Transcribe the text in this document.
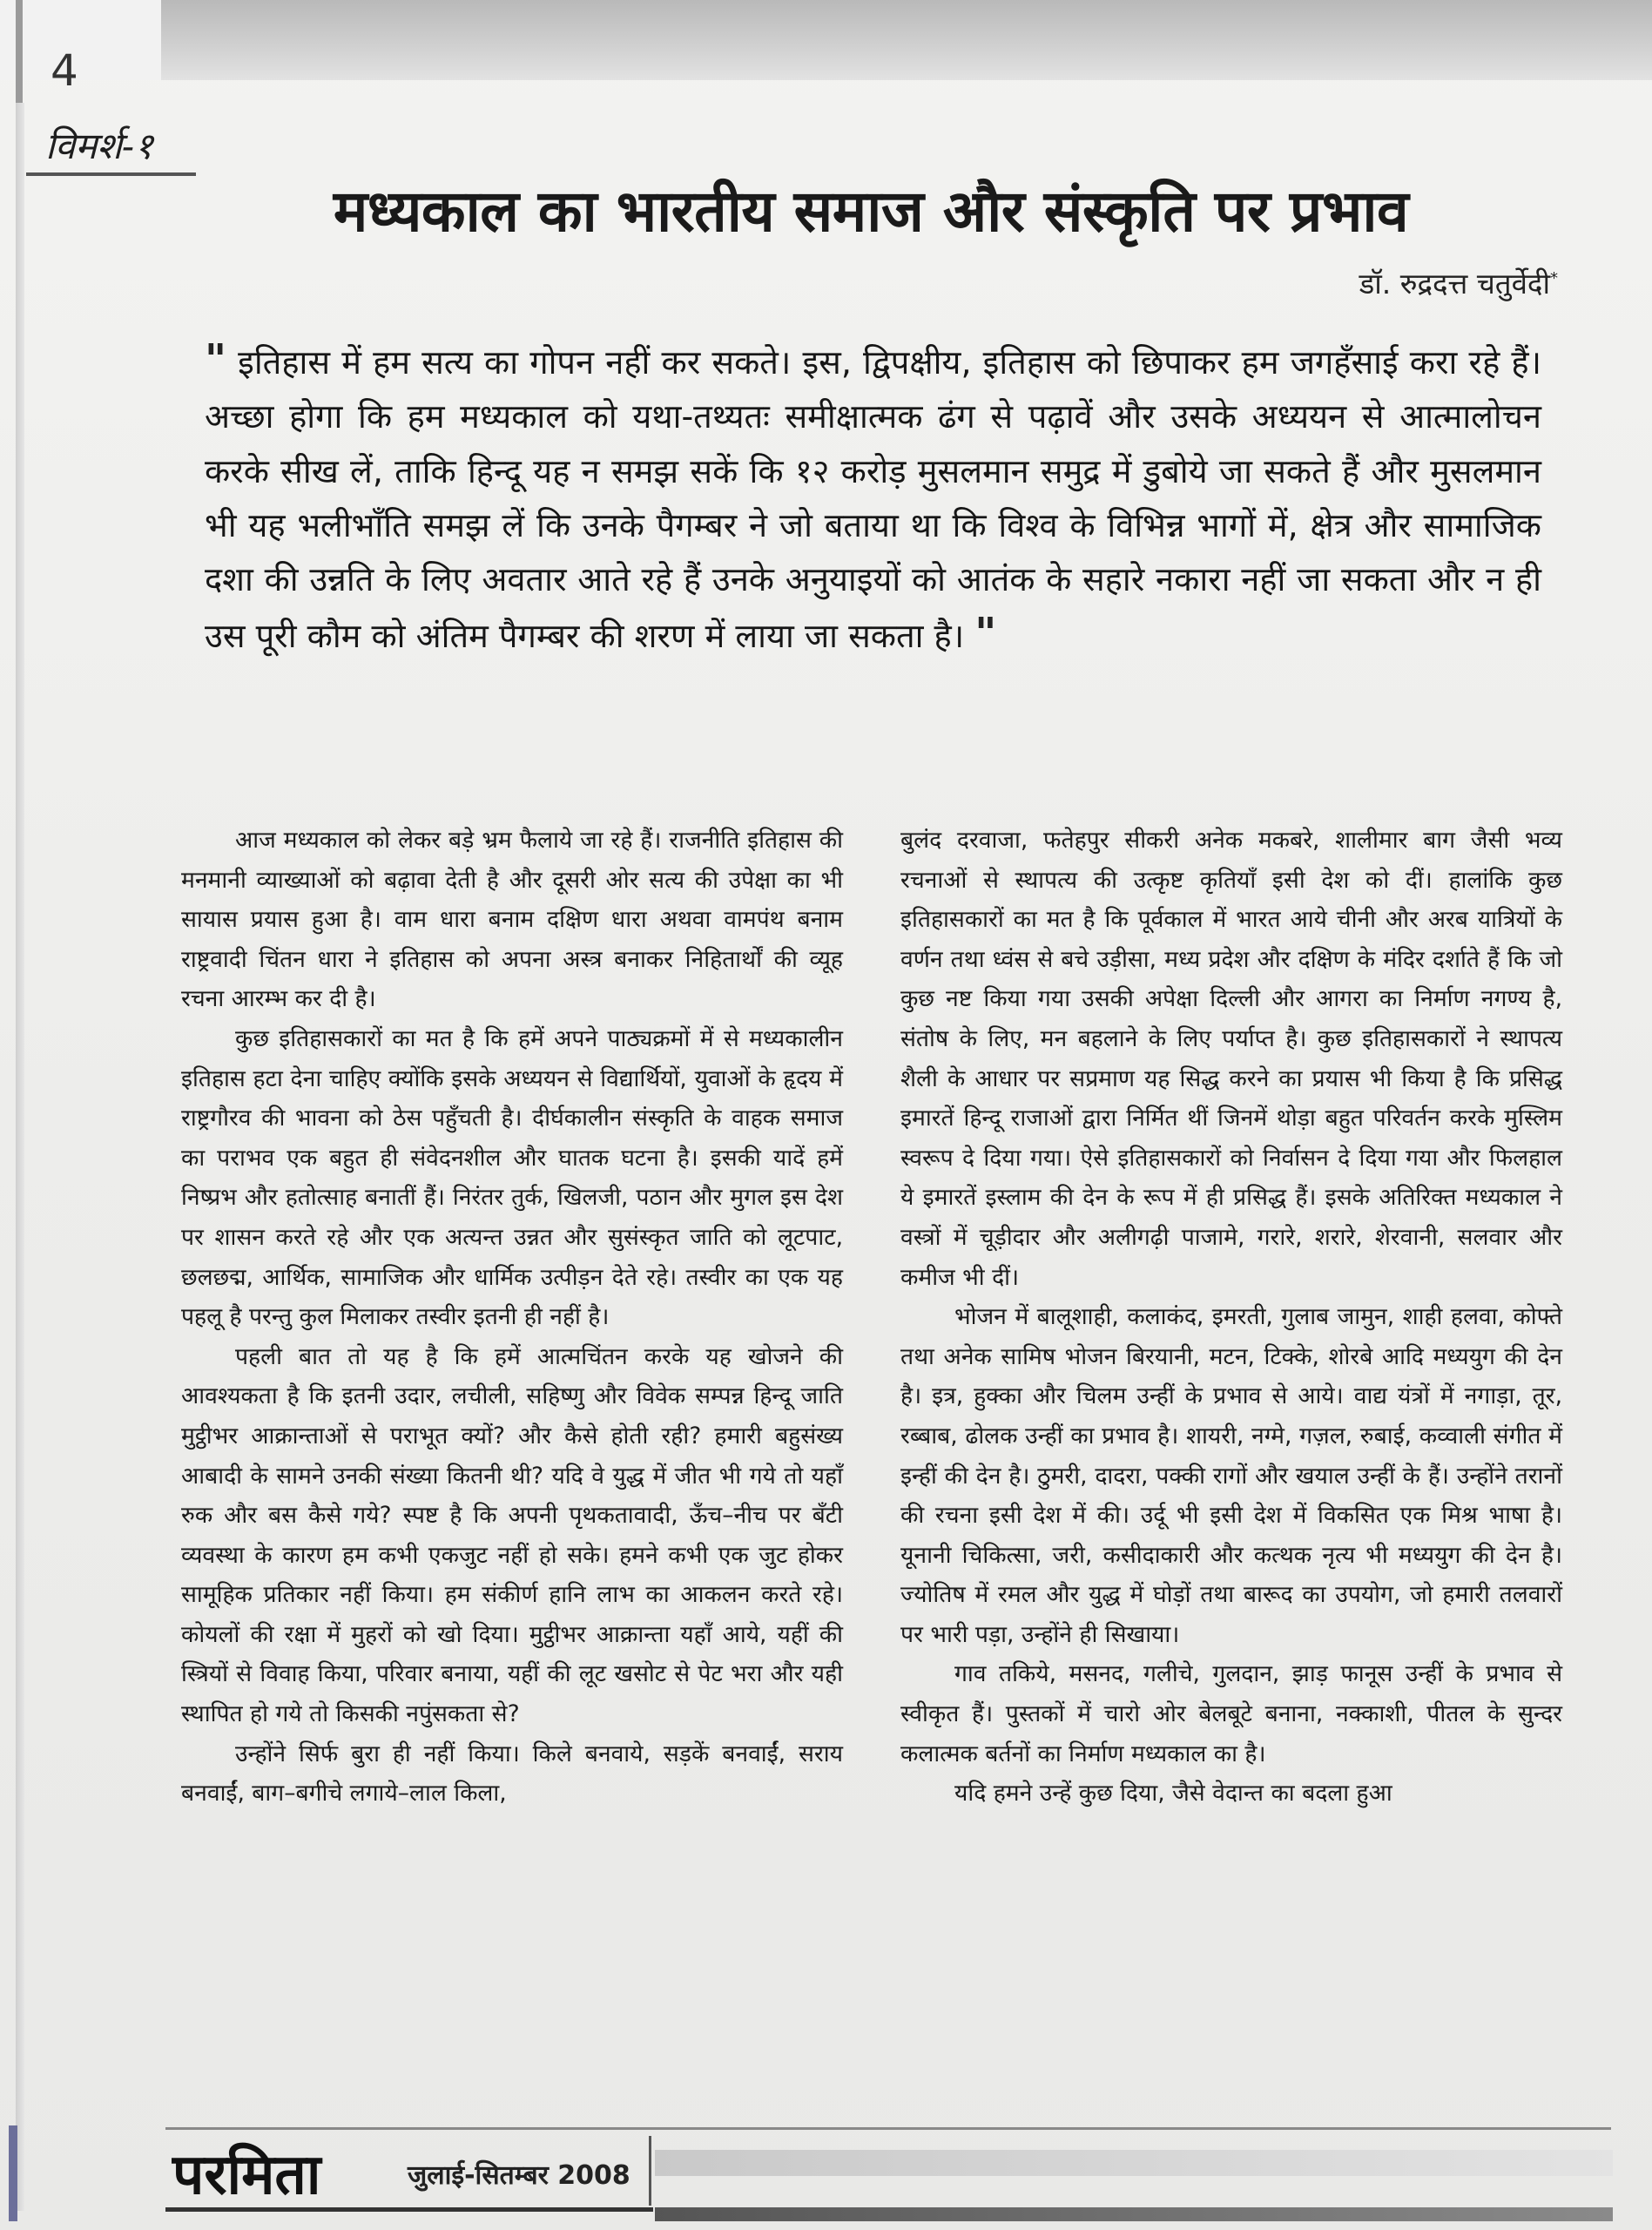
4
विमर्श-१
मध्यकाल का भारतीय समाज और संस्कृति पर प्रभाव
डॉ. रुद्रदत्त चतुर्वेदी*
" इतिहास में हम सत्य का गोपन नहीं कर सकते। इस, द्विपक्षीय, इतिहास को छिपाकर हम जगहँसाई करा रहे हैं। अच्छा होगा कि हम मध्यकाल को यथा-तथ्यतः समीक्षात्मक ढंग से पढ़ावें और उसके अध्ययन से आत्मालोचन करके सीख लें, ताकि हिन्दू यह न समझ सकें कि १२ करोड़ मुसलमान समुद्र में डुबोये जा सकते हैं और मुसलमान भी यह भलीभाँति समझ लें कि उनके पैगम्बर ने जो बताया था कि विश्व के विभिन्न भागों में, क्षेत्र और सामाजिक दशा की उन्नति के लिए अवतार आते रहे हैं उनके अनुयाइयों को आतंक के सहारे नकारा नहीं जा सकता और न ही उस पूरी कौम को अंतिम पैगम्बर की शरण में लाया जा सकता है। "

आज मध्यकाल को लेकर बड़े भ्रम फैलाये जा रहे हैं। राजनीति इतिहास की मनमानी व्याख्याओं को बढ़ावा देती है और दूसरी ओर सत्य की उपेक्षा का भी सायास प्रयास हुआ है। वाम धारा बनाम दक्षिण धारा अथवा वामपंथ बनाम राष्ट्रवादी चिंतन धारा ने इतिहास को अपना अस्त्र बनाकर निहितार्थों की व्यूह रचना आरम्भ कर दी है।

कुछ इतिहासकारों का मत है कि हमें अपने पाठ्यक्रमों में से मध्यकालीन इतिहास हटा देना चाहिए क्योंकि इसके अध्ययन से विद्यार्थियों, युवाओं के हृदय में राष्ट्रगौरव की भावना को ठेस पहुँचती है। दीर्घकालीन संस्कृति के वाहक समाज का पराभव एक बहुत ही संवेदनशील और घातक घटना है। इसकी यादें हमें निष्प्रभ और हतोत्साह बनातीं हैं। निरंतर तुर्क, खिलजी, पठान और मुगल इस देश पर शासन करते रहे और एक अत्यन्त उन्नत और सुसंस्कृत जाति को लूटपाट, छलछद्म, आर्थिक, सामाजिक और धार्मिक उत्पीड़न देते रहे। तस्वीर का एक यह पहलू है परन्तु कुल मिलाकर तस्वीर इतनी ही नहीं है।

पहली बात तो यह है कि हमें आत्मचिंतन करके यह खोजने की आवश्यकता है कि इतनी उदार, लचीली, सहिष्णु और विवेक सम्पन्न हिन्दू जाति मुट्ठीभर आक्रान्ताओं से पराभूत क्यों? और कैसे होती रही? हमारी बहुसंख्य आबादी के सामने उनकी संख्या कितनी थी? यदि वे युद्ध में जीत भी गये तो यहाँ रुक और बस कैसे गये? स्पष्ट है कि अपनी पृथकतावादी, ऊँच–नीच पर बँटी व्यवस्था के कारण हम कभी एकजुट नहीं हो सके। हमने कभी एक जुट होकर सामूहिक प्रतिकार नहीं किया। हम संकीर्ण हानि लाभ का आकलन करते रहे। कोयलों की रक्षा में मुहरों को खो दिया। मुट्ठीभर आक्रान्ता यहाँ आये, यहीं की स्त्रियों से विवाह किया, परिवार बनाया, यहीं की लूट खसोट से पेट भरा और यही स्थापित हो गये तो किसकी नपुंसकता से?

उन्होंने सिर्फ बुरा ही नहीं किया। किले बनवाये, सड़कें बनवाईं, सराय बनवाईं, बाग–बगीचे लगाये–लाल किला,

बुलंद दरवाजा, फतेहपुर सीकरी अनेक मकबरे, शालीमार बाग जैसी भव्य रचनाओं से स्थापत्य की उत्कृष्ट कृतियाँ इसी देश को दीं। हालांकि कुछ इतिहासकारों का मत है कि पूर्वकाल में भारत आये चीनी और अरब यात्रियों के वर्णन तथा ध्वंस से बचे उड़ीसा, मध्य प्रदेश और दक्षिण के मंदिर दर्शाते हैं कि जो कुछ नष्ट किया गया उसकी अपेक्षा दिल्ली और आगरा का निर्माण नगण्य है, संतोष के लिए, मन बहलाने के लिए पर्याप्त है। कुछ इतिहासकारों ने स्थापत्य शैली के आधार पर सप्रमाण यह सिद्ध करने का प्रयास भी किया है कि प्रसिद्ध इमारतें हिन्दू राजाओं द्वारा निर्मित थीं जिनमें थोड़ा बहुत परिवर्तन करके मुस्लिम स्वरूप दे दिया गया। ऐसे इतिहासकारों को निर्वासन दे दिया गया और फिलहाल ये इमारतें इस्लाम की देन के रूप में ही प्रसिद्ध हैं। इसके अतिरिक्त मध्यकाल ने वस्त्रों में चूड़ीदार और अलीगढ़ी पाजामे, गरारे, शरारे, शेरवानी, सलवार और कमीज भी दीं।

भोजन में बालूशाही, कलाकंद, इमरती, गुलाब जामुन, शाही हलवा, कोफ्ते तथा अनेक सामिष भोजन बिरयानी, मटन, टिक्के, शोरबे आदि मध्ययुग की देन है। इत्र, हुक्का और चिलम उन्हीं के प्रभाव से आये। वाद्य यंत्रों में नगाड़ा, तूर, रब्बाब, ढोलक उन्हीं का प्रभाव है। शायरी, नग्मे, गज़ल, रुबाई, कव्वाली संगीत में इन्हीं की देन है। ठुमरी, दादरा, पक्की रागों और खयाल उन्हीं के हैं। उन्होंने तरानों की रचना इसी देश में की। उर्दू भी इसी देश में विकसित एक मिश्र भाषा है। यूनानी चिकित्सा, जरी, कसीदाकारी और कत्थक नृत्य भी मध्ययुग की देन है। ज्योतिष में रमल और युद्ध में घोड़ों तथा बारूद का उपयोग, जो हमारी तलवारों पर भारी पड़ा, उन्होंने ही सिखाया।

गाव तकिये, मसनद, गलीचे, गुलदान, झाड़ फानूस उन्हीं के प्रभाव से स्वीकृत हैं। पुस्तकों में चारो ओर बेलबूटे बनाना, नक्काशी, पीतल के सुन्दर कलात्मक बर्तनों का निर्माण मध्यकाल का है।

यदि हमने उन्हें कुछ दिया, जैसे वेदान्त का बदला हुआ

परमिता	जुलाई-सितम्बर 2008
